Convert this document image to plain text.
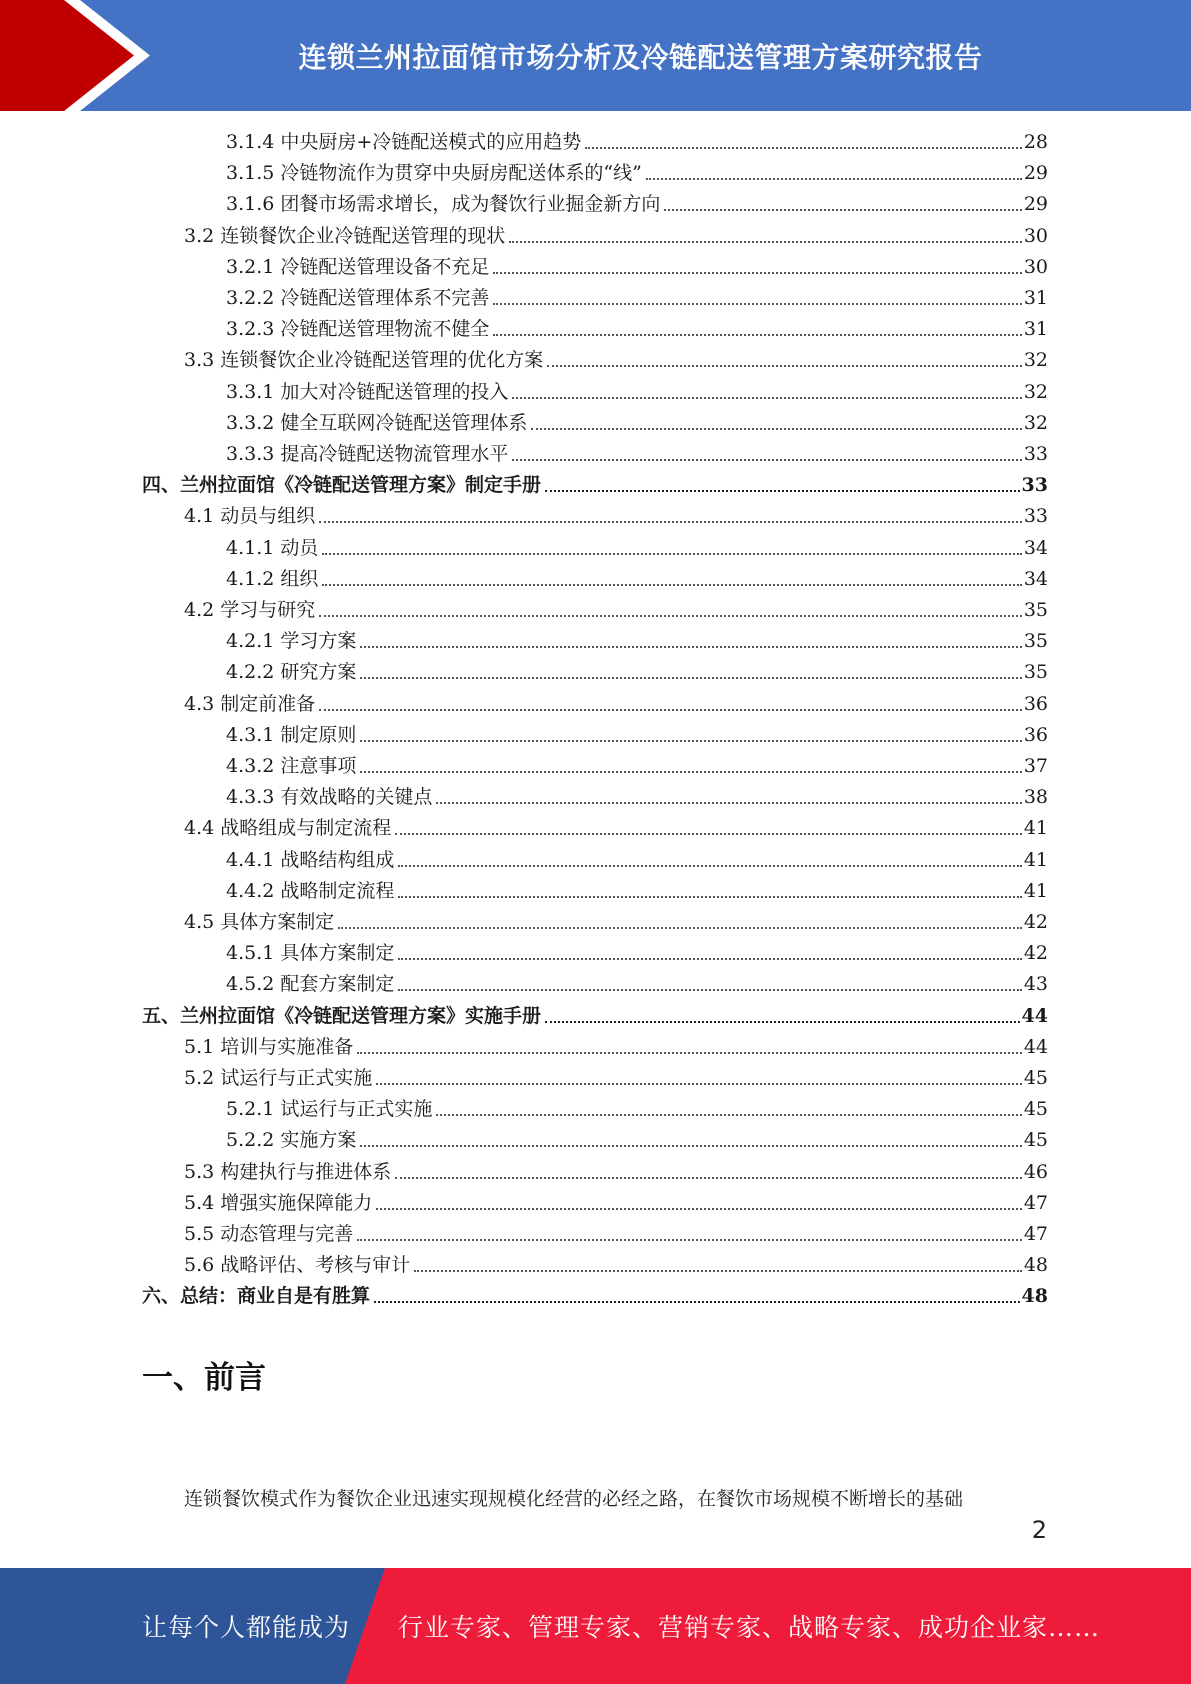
连锁兰州拉面馆市场分析及冷链配送管理方案研究报告
3.1.4 中央厨房+冷链配送模式的应用趋势	28
3.1.5 冷链物流作为贯穿中央厨房配送体系的“线”	29
3.1.6 团餐市场需求增长，成为餐饮行业掘金新方向	29
3.2 连锁餐饮企业冷链配送管理的现状	30
3.2.1 冷链配送管理设备不充足	30
3.2.2 冷链配送管理体系不完善	31
3.2.3 冷链配送管理物流不健全	31
3.3 连锁餐饮企业冷链配送管理的优化方案	32
3.3.1 加大对冷链配送管理的投入	32
3.3.2 健全互联网冷链配送管理体系	32
3.3.3 提高冷链配送物流管理水平	33
四、兰州拉面馆《冷链配送管理方案》制定手册	33
4.1 动员与组织	33
4.1.1 动员	34
4.1.2 组织	34
4.2 学习与研究	35
4.2.1 学习方案	35
4.2.2 研究方案	35
4.3 制定前准备	36
4.3.1 制定原则	36
4.3.2 注意事项	37
4.3.3 有效战略的关键点	38
4.4 战略组成与制定流程	41
4.4.1 战略结构组成	41
4.4.2 战略制定流程	41
4.5 具体方案制定	42
4.5.1 具体方案制定	42
4.5.2 配套方案制定	43
五、兰州拉面馆《冷链配送管理方案》实施手册	44
5.1 培训与实施准备	44
5.2 试运行与正式实施	45
5.2.1 试运行与正式实施	45
5.2.2 实施方案	45
5.3 构建执行与推进体系	46
5.4 增强实施保障能力	47
5.5 动态管理与完善	47
5.6 战略评估、考核与审计	48
六、总结：商业自是有胜算	48
一、前言
连锁餐饮模式作为餐饮企业迅速实现规模化经营的必经之路，在餐饮市场规模不断增长的基础
2
让每个人都能成为 行业专家、管理专家、营销专家、战略专家、成功企业家……
